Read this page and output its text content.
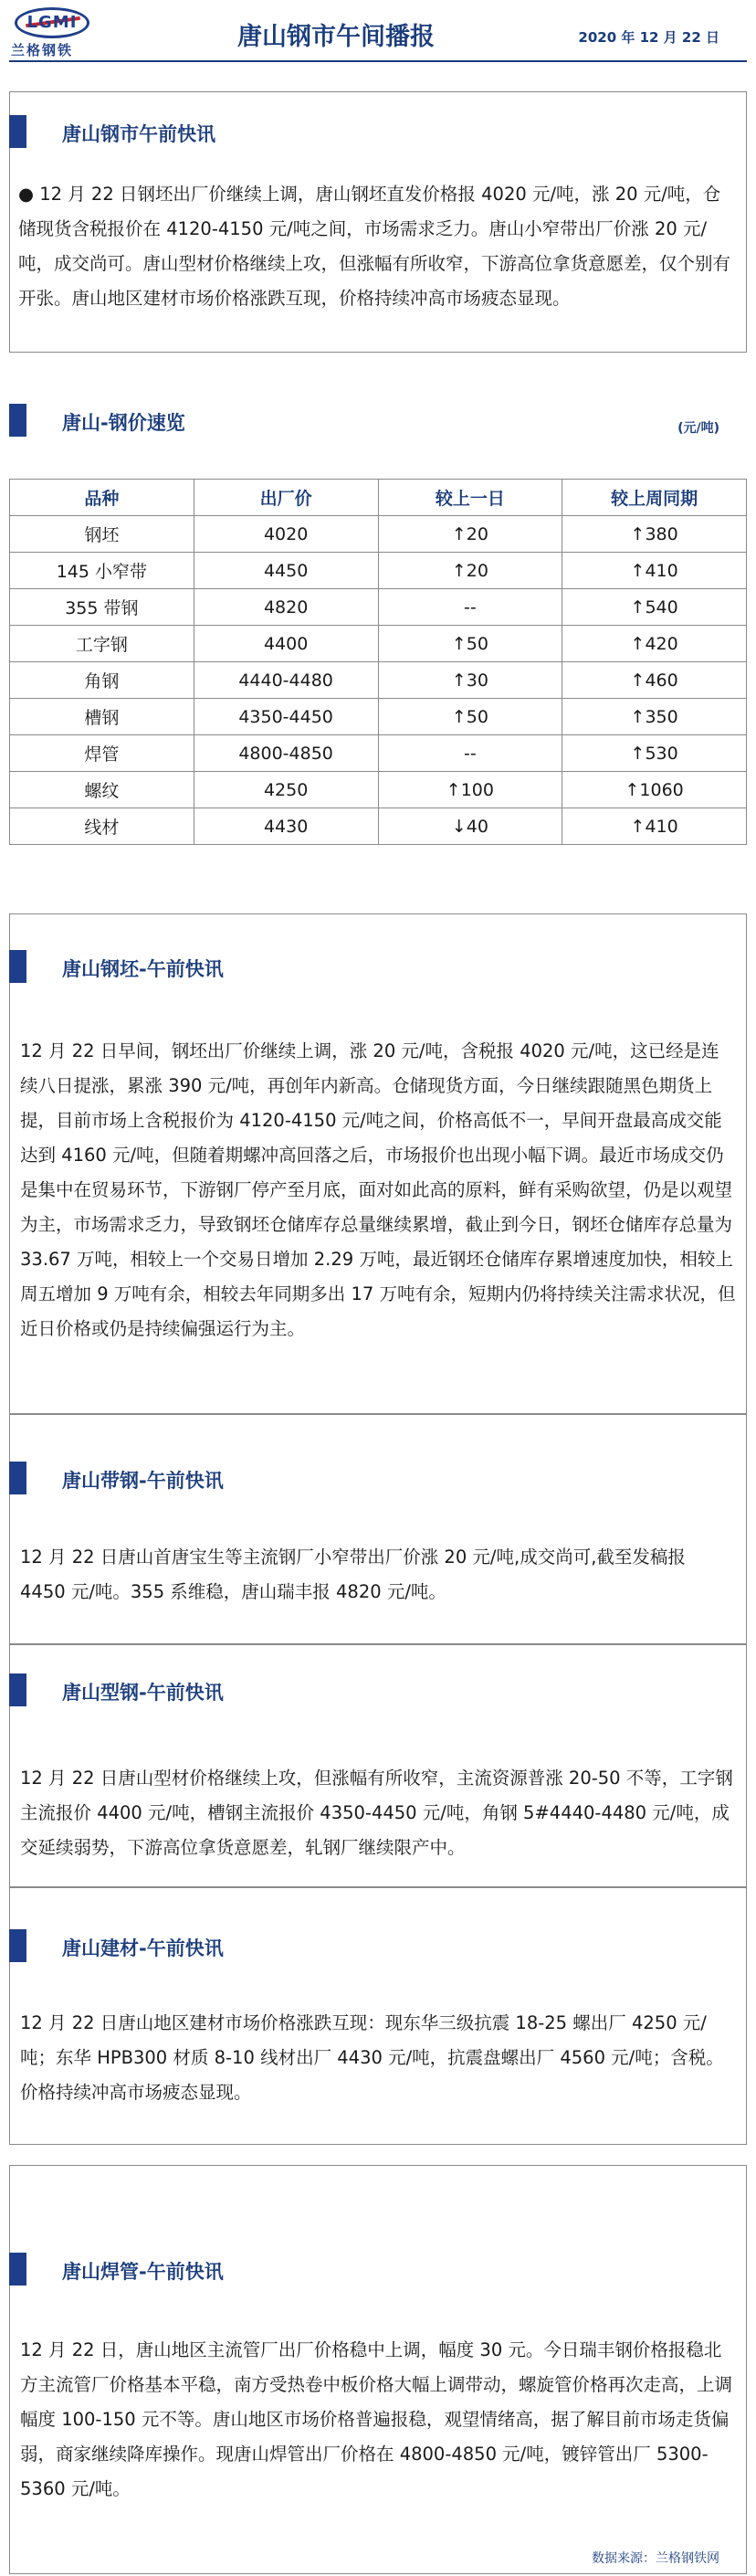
LGMI
兰格钢铁	唐山钢市午间播报	2020 年 12 月 22 日
唐山钢市午前快讯
● 12 月 22 日钢坯出厂价继续上调，唐山钢坯直发价格报 4020 元/吨，涨 20 元/吨，仓储现货含税报价在 4120-4150 元/吨之间，市场需求乏力。唐山小窄带出厂价涨 20 元/吨，成交尚可。唐山型材价格继续上攻，但涨幅有所收窄，下游高位拿货意愿差，仅个别有开张。唐山地区建材市场价格涨跌互现，价格持续冲高市场疲态显现。
唐山-钢价速览	(元/吨)
品种	出厂价	较上一日	较上周同期
钢坯	4020	↑20	↑380
145 小窄带	4450	↑20	↑410
355 带钢	4820	--	↑540
工字钢	4400	↑50	↑420
角钢	4440-4480	↑30	↑460
槽钢	4350-4450	↑50	↑350
焊管	4800-4850	--	↑530
螺纹	4250	↑100	↑1060
线材	4430	↓40	↑410
唐山钢坯-午前快讯
12 月 22 日早间，钢坯出厂价继续上调，涨 20 元/吨，含税报 4020 元/吨，这已经是连续八日提涨，累涨 390 元/吨，再创年内新高。仓储现货方面，今日继续跟随黑色期货上提，目前市场上含税报价为 4120-4150 元/吨之间，价格高低不一，早间开盘最高成交能达到 4160 元/吨，但随着期螺冲高回落之后，市场报价也出现小幅下调。最近市场成交仍是集中在贸易环节，下游钢厂停产至月底，面对如此高的原料，鲜有采购欲望，仍是以观望为主，市场需求乏力，导致钢坯仓储库存总量继续累增，截止到今日，钢坯仓储库存总量为 33.67 万吨，相较上一个交易日增加 2.29 万吨，最近钢坯仓储库存累增速度加快，相较上周五增加 9 万吨有余，相较去年同期多出 17 万吨有余，短期内仍将持续关注需求状况，但近日价格或仍是持续偏强运行为主。
唐山带钢-午前快讯
12 月 22 日唐山首唐宝生等主流钢厂小窄带出厂价涨 20 元/吨,成交尚可,截至发稿报 4450 元/吨。355 系维稳，唐山瑞丰报 4820 元/吨。
唐山型钢-午前快讯
12 月 22 日唐山型材价格继续上攻，但涨幅有所收窄，主流资源普涨 20-50 不等，工字钢主流报价 4400 元/吨，槽钢主流报价 4350-4450 元/吨，角钢 5#4440-4480 元/吨，成交延续弱势，下游高位拿货意愿差，轧钢厂继续限产中。
唐山建材-午前快讯
12 月 22 日唐山地区建材市场价格涨跌互现：现东华三级抗震 18-25 螺出厂 4250 元/吨；东华 HPB300 材质 8-10 线材出厂 4430 元/吨，抗震盘螺出厂 4560 元/吨；含税。价格持续冲高市场疲态显现。
唐山焊管-午前快讯
12 月 22 日，唐山地区主流管厂出厂价格稳中上调，幅度 30 元。今日瑞丰钢价格报稳北方主流管厂价格基本平稳，南方受热卷中板价格大幅上调带动，螺旋管价格再次走高，上调幅度 100-150 元不等。唐山地区市场价格普遍报稳，观望情绪高，据了解目前市场走货偏弱，商家继续降库操作。现唐山焊管出厂价格在 4800-4850 元/吨，镀锌管出厂 5300-5360 元/吨。
数据来源：兰格钢铁网
